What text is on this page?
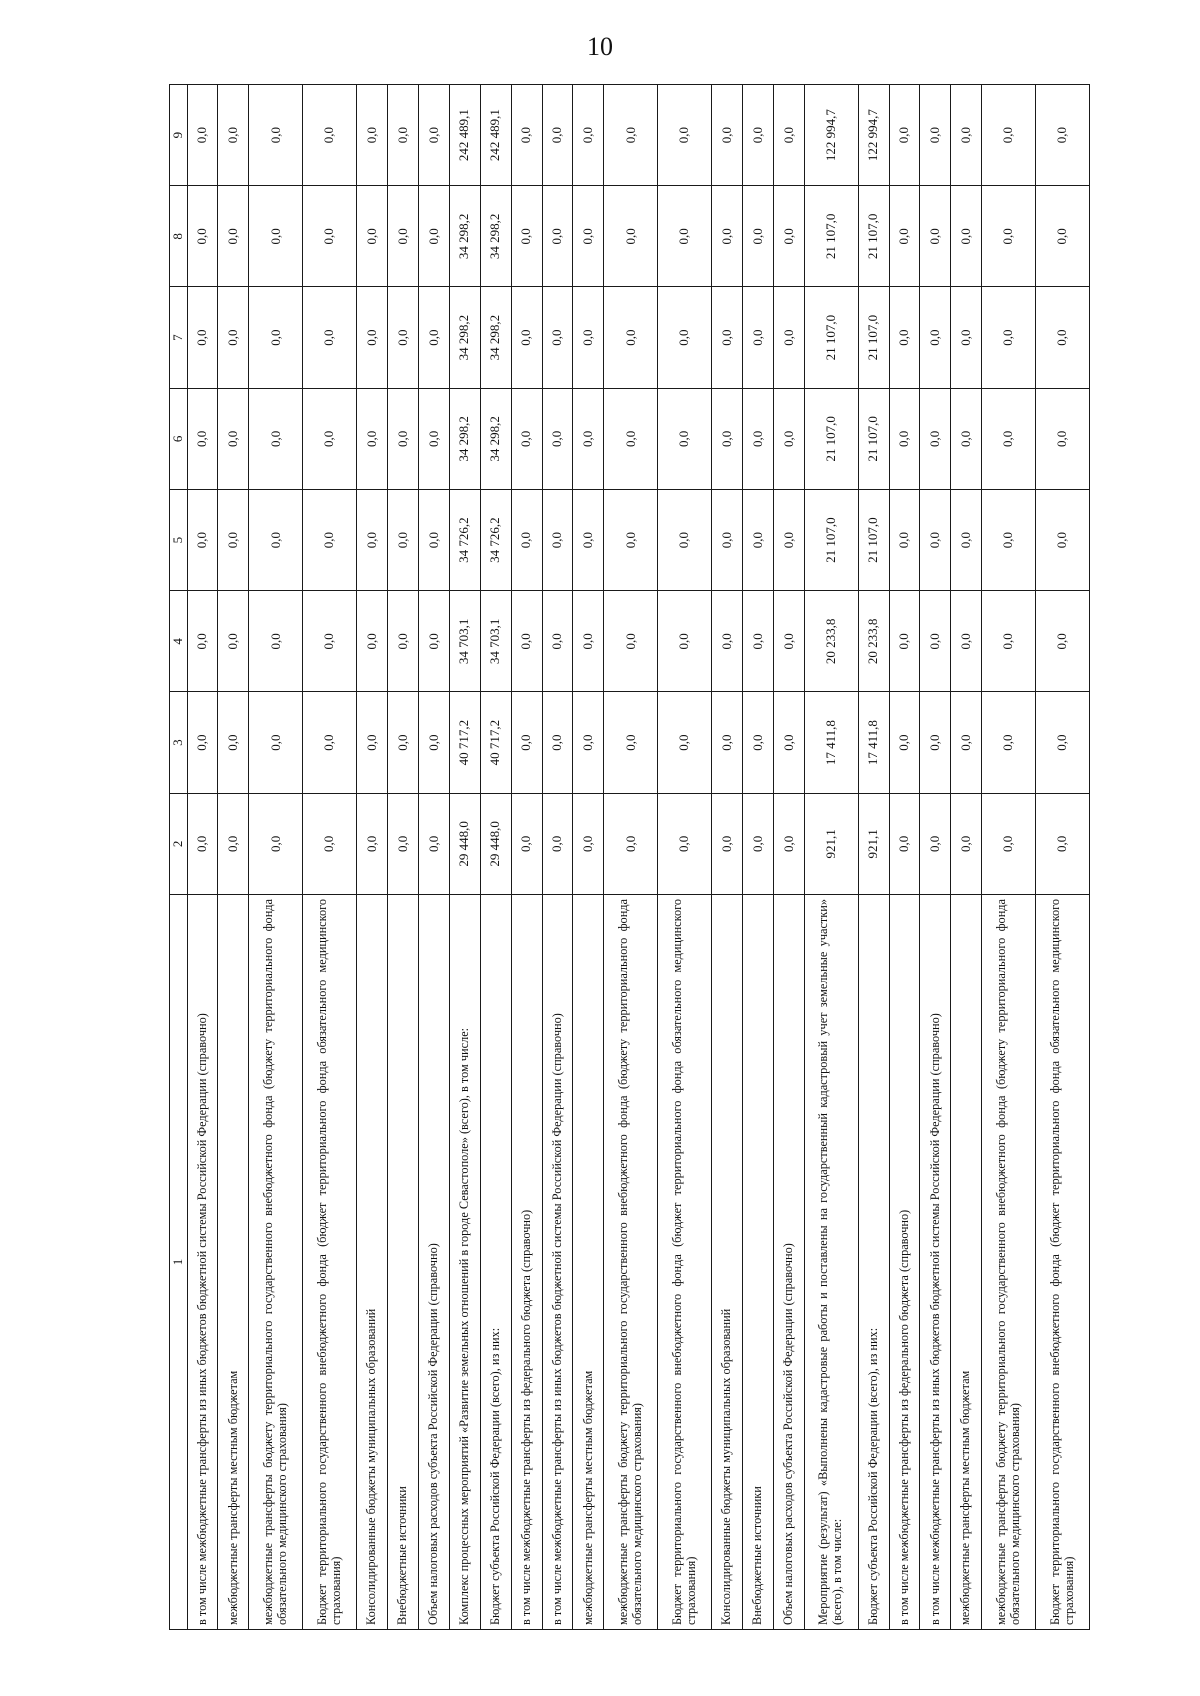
10
1	2	3	4	5	6	7	8	9
в том числе межбюджетные трансферты из иных бюджетов бюджетной системы Российской Федерации (справочно)	0,0	0,0	0,0	0,0	0,0	0,0	0,0	0,0
межбюджетные трансферты местным бюджетам	0,0	0,0	0,0	0,0	0,0	0,0	0,0	0,0
межбюджетные трансферты бюджету территориального государственного внебюджетного фонда (бюджету территориального фонда обязательного медицинского страхования)	0,0	0,0	0,0	0,0	0,0	0,0	0,0	0,0
Бюджет территориального государственного внебюджетного фонда (бюджет территориального фонда обязательного медицинского страхования)	0,0	0,0	0,0	0,0	0,0	0,0	0,0	0,0
Консолидированные бюджеты муниципальных образований	0,0	0,0	0,0	0,0	0,0	0,0	0,0	0,0
Внебюджетные источники	0,0	0,0	0,0	0,0	0,0	0,0	0,0	0,0
Объем налоговых расходов субъекта Российской Федерации (справочно)	0,0	0,0	0,0	0,0	0,0	0,0	0,0	0,0
Комплекс процессных мероприятий «Развитие земельных отношений в городе Севастополе» (всего), в том числе:	29 448,0	40 717,2	34 703,1	34 726,2	34 298,2	34 298,2	34 298,2	242 489,1
Бюджет субъекта Российской Федерации (всего), из них:	29 448,0	40 717,2	34 703,1	34 726,2	34 298,2	34 298,2	34 298,2	242 489,1
в том числе межбюджетные трансферты из федерального бюджета (справочно)	0,0	0,0	0,0	0,0	0,0	0,0	0,0	0,0
в том числе межбюджетные трансферты из иных бюджетов бюджетной системы Российской Федерации (справочно)	0,0	0,0	0,0	0,0	0,0	0,0	0,0	0,0
межбюджетные трансферты местным бюджетам	0,0	0,0	0,0	0,0	0,0	0,0	0,0	0,0
межбюджетные трансферты бюджету территориального государственного внебюджетного фонда (бюджету территориального фонда обязательного медицинского страхования)	0,0	0,0	0,0	0,0	0,0	0,0	0,0	0,0
Бюджет территориального государственного внебюджетного фонда (бюджет территориального фонда обязательного медицинского страхования)	0,0	0,0	0,0	0,0	0,0	0,0	0,0	0,0
Консолидированные бюджеты муниципальных образований	0,0	0,0	0,0	0,0	0,0	0,0	0,0	0,0
Внебюджетные источники	0,0	0,0	0,0	0,0	0,0	0,0	0,0	0,0
Объем налоговых расходов субъекта Российской Федерации (справочно)	0,0	0,0	0,0	0,0	0,0	0,0	0,0	0,0
Мероприятие (результат) «Выполнены кадастровые работы и поставлены на государственный кадастровый учет земельные участки» (всего), в том числе:	921,1	17 411,8	20 233,8	21 107,0	21 107,0	21 107,0	21 107,0	122 994,7
Бюджет субъекта Российской Федерации (всего), из них:	921,1	17 411,8	20 233,8	21 107,0	21 107,0	21 107,0	21 107,0	122 994,7
в том числе межбюджетные трансферты из федерального бюджета (справочно)	0,0	0,0	0,0	0,0	0,0	0,0	0,0	0,0
в том числе межбюджетные трансферты из иных бюджетов бюджетной системы Российской Федерации (справочно)	0,0	0,0	0,0	0,0	0,0	0,0	0,0	0,0
межбюджетные трансферты местным бюджетам	0,0	0,0	0,0	0,0	0,0	0,0	0,0	0,0
межбюджетные трансферты бюджету территориального государственного внебюджетного фонда (бюджету территориального фонда обязательного медицинского страхования)	0,0	0,0	0,0	0,0	0,0	0,0	0,0	0,0
Бюджет территориального государственного внебюджетного фонда (бюджет территориального фонда обязательного медицинского страхования)	0,0	0,0	0,0	0,0	0,0	0,0	0,0	0,0
